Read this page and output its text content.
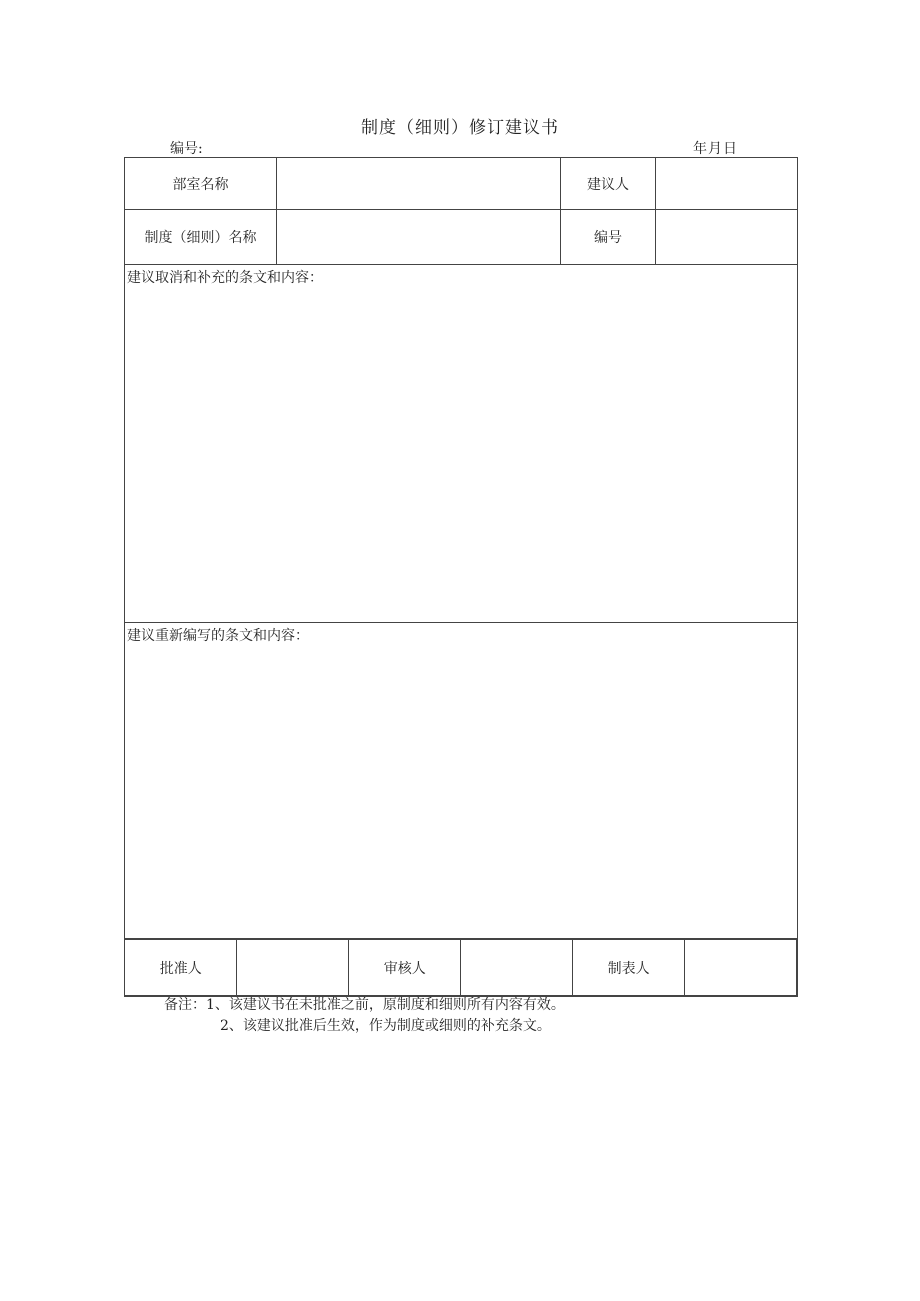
制度（细则）修订建议书
编号:	年月日
部室名称		建议人	
制度（细则）名称		编号	
建议取消和补充的条文和内容：
建议重新编写的条文和内容：

批准人		审核人		制表人	
备注：1、该建议书在未批准之前，原制度和细则所有内容有效。
2、该建议批准后生效，作为制度或细则的补充条文。
